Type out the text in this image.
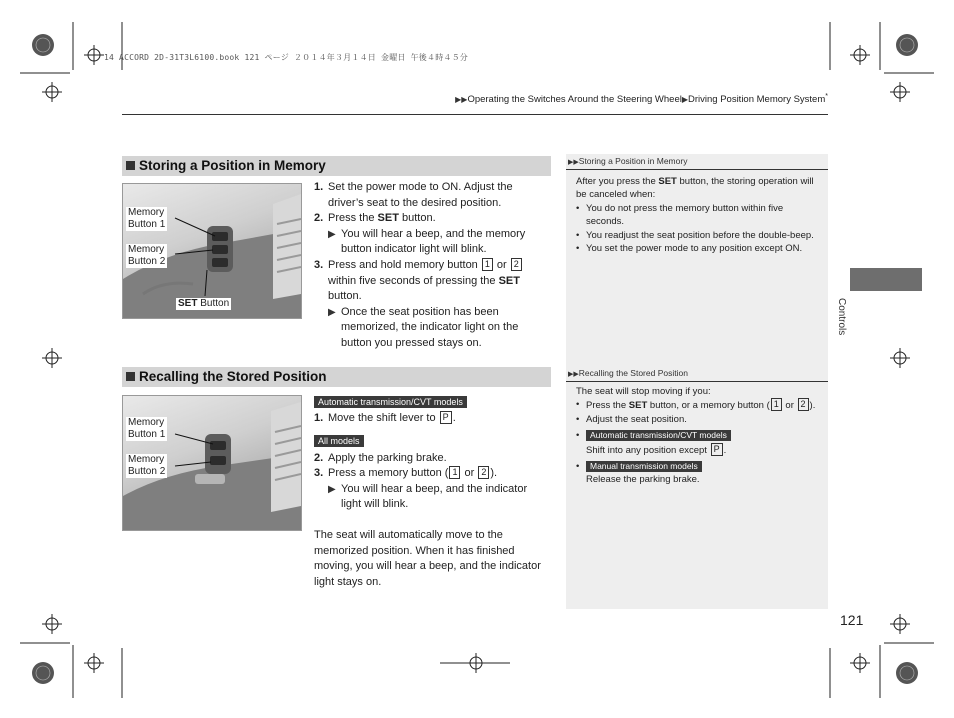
14 ACCORD 2D-31T3L6100.book 121 ページ ２０１４年３月１４日 金曜日 午後４時４５分
▶▶Operating the Switches Around the Steering Wheel▶Driving Position Memory System*
Storing a Position in Memory
Memory
Button 1
Memory
Button 2
SET Button
1. Set the power mode to ON. Adjust the driver’s seat to the desired position.
2. Press the SET button.
▶ You will hear a beep, and the memory button indicator light will blink.
3. Press and hold memory button 1 or 2 within five seconds of pressing the SET button.
▶ Once the seat position has been memorized, the indicator light on the button you pressed stays on.
Recalling the Stored Position
Memory
Button 1
Memory
Button 2
Automatic transmission/CVT models
1. Move the shift lever to P .
All models
2. Apply the parking brake.
3. Press a memory button ( 1 or 2 ).
▶ You will hear a beep, and the indicator light will blink.
The seat will automatically move to the memorized position. When it has finished moving, you will hear a beep, and the indicator light stays on.
▶▶Storing a Position in Memory
After you press the SET button, the storing operation will be canceled when:
• You do not press the memory button within five seconds.
• You readjust the seat position before the double-beep.
• You set the power mode to any position except ON.
▶▶Recalling the Stored Position
The seat will stop moving if you:
• Press the SET button, or a memory button ( 1 or 2 ).
• Adjust the seat position.
• Automatic transmission/CVT models
Shift into any position except P .
• Manual transmission models
Release the parking brake.
Controls
121
